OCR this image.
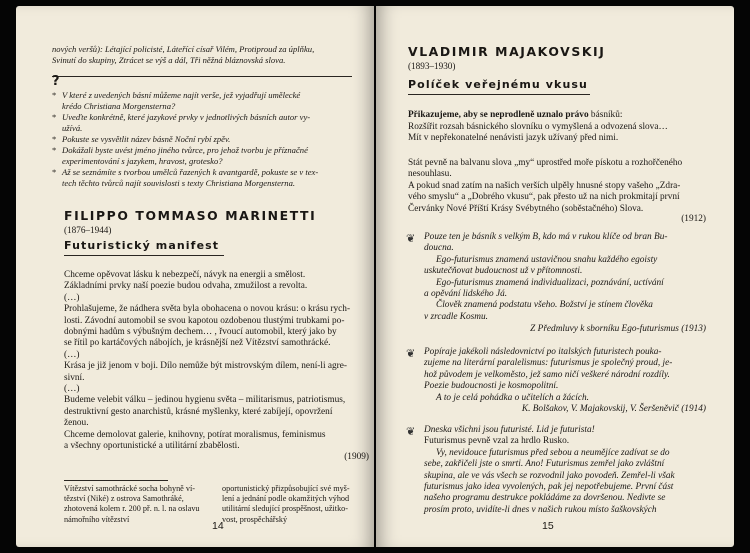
nových veršů): Létající policisté, Láteřící císař Vilém, Protiproud za úplňku,
Svinutí do skupiny, Ztrácet se výš a dál, Tři něžná bláznovská slova.
?
* V které z uvedených básní můžeme najít verše, jež vyjadřují umělecké
krédo Christiana Morgensterna?
* Uveďte konkrétně, které jazykové prvky v jednotlivých básních autor vy-
užívá.
* Pokuste se vysvětlit název básně Noční rybí zpěv.
* Dokážali byste uvést jméno jiného tvůrce, pro jehož tvorbu je příznačné
experimentování s jazykem, hravost, grotesko?
* Až se seznámíte s tvorbou umělců řazených k avantgardě, pokuste se v tex-
tech těchto tvůrců najít souvislosti s texty Christiana Morgensterna.
FILIPPO TOMMASO MARINETTI
(1876–1944)
Futuristický manifest
Chceme opěvovat lásku k nebezpečí, návyk na energii a smělost.
Základními prvky naší poezie budou odvaha, zmužilost a revolta.
(…)
Prohlašujeme, že nádhera světa byla obohacena o novou krásu: o krásu rych-
losti. Závodní automobil se svou kapotou ozdobenou tlustými trubkami po-
dobnými hadům s výbušným dechem… , řvoucí automobil, který jako by
se řítil po kartáčových nábojích, je krásnější než Vítězství samothrácké.
(…)
Krása je již jenom v boji. Dílo nemůže být mistrovským dílem, není-li agre-
sivní.
(…)
Budeme velebit válku – jedinou hygienu světa – militarismus, patriotismus,
destruktivní gesto anarchistů, krásné myšlenky, které zabíjejí, opovržení
ženou.
Chceme demolovat galerie, knihovny, potírat moralismus, feminismus
a všechny oportunistické a utilitární zbabělosti.
(1909)
Vítězství samothrácké socha bohyně ví-
tězství (Niké) z ostrova Samothráké,
zhotovená kolem r. 200 př. n. l. na oslavu
námořního vítězství
oportunistický přizpůsobující své myš-
lení a jednání podle okamžitých výhod
utilitární sledující prospěšnost, užitko-
vost, prospěchářský
14
VLADIMIR MAJAKOVSKIJ
(1893–1930)
Políček veřejnému vkusu
Přikazujeme, aby se neprodleně uznalo právo básníků:
Rozšířit rozsah básnického slovníku o vymyšlená a odvozená slova…
Mít v nepřekonatelné nenávisti jazyk užívaný před nimi.
Stát pevně na balvanu slova „my“ uprostřed moře pískotu a rozhořčeného
nesouhlasu.
A pokud snad zatím na našich verších ulpěly hnusné stopy vašeho „Zdra-
vého smyslu“ a „Dobrého vkusu“, pak přesto už na nich prokmitají první
Červánky Nové Příští Krásy Svébytného (soběstačného) Slova.
(1912)
❦ Pouze ten je básník s velkým B, kdo má v rukou klíče od bran Bu-
doucna.
Ego-futurismus znamená ustavičnou snahu každého egoisty
uskutečňovat budoucnost už v přítomnosti.
Ego-futurismus znamená individualizaci, poznávání, uctívání
a opěvání lidského Já.
Člověk znamená podstatu všeho. Božství je stínem člověka
v zrcadle Kosmu.
Z Předmluvy k sborníku Ego-futurismus (1913)
❦ Popíraje jakékoli následovnictví po italských futuristech pouka-
zujeme na literární paralelismus: futurismus je společný proud, je-
hož původem je velkoměsto, jež samo ničí veškeré národní rozdíly.
Poezie budoucnosti je kosmopolitní.
A to je celá pohádka o učitelích a žácích.
K. Bolšakov, V. Majakovskij, V. Šeršeněvič (1914)
❦ Dneska všichni jsou futuristé. Lid je futurista!
Futurismus pevně vzal za hrdlo Rusko.
Vy, nevidouce futurismus před sebou a neumějíce zadívat se do
sebe, zakřičeli jste o smrti. Ano! Futurismus zemřel jako zvláštní
skupina, ale ve vás všech se rozvodnil jako povodeň. Zemřel-li však
futurismus jako idea vyvolených, pak jej nepotřebujeme. První část
našeho programu destrukce pokládáme za dovršenou. Nedivte se
prosím proto, uvidíte-li dnes v našich rukou místo šaškovských
15
